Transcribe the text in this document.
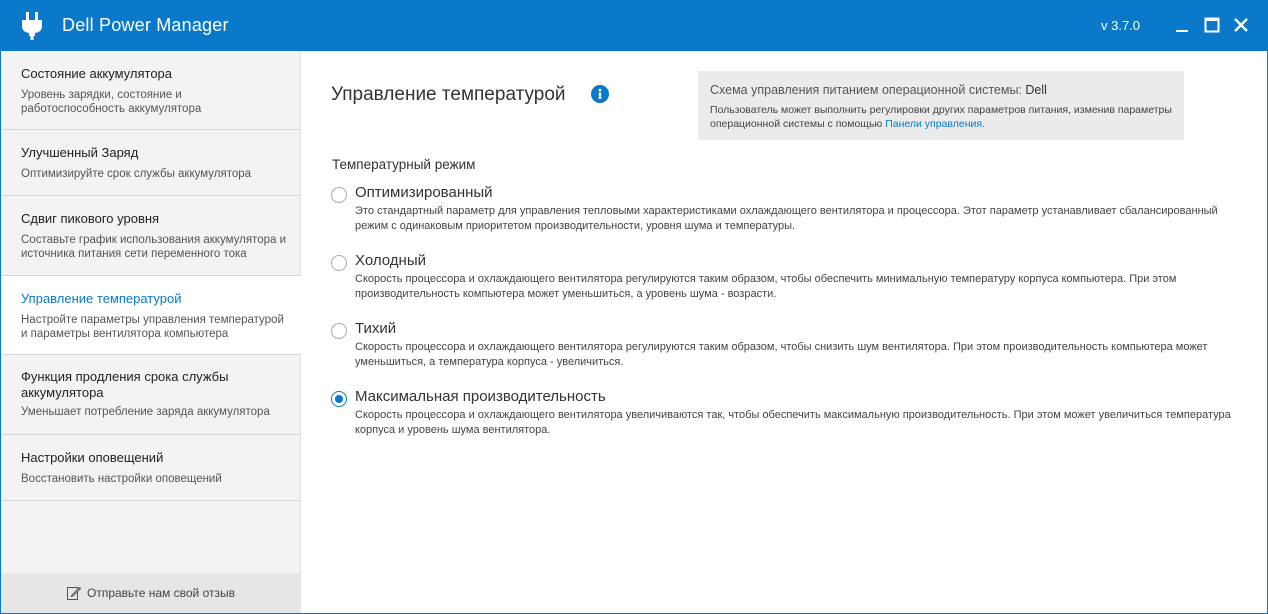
Dell Power Manager	v 3.7.0
Состояние аккумулятора
Уровень зарядки, состояние и работоспособность аккумулятора
Улучшенный Заряд
Оптимизируйте срок службы аккумулятора
Сдвиг пикового уровня
Составьте график использования аккумулятора и источника питания сети переменного тока
Управление температурой
Настройте параметры управления температурой и параметры вентилятора компьютера
Функция продления срока службы аккумулятора
Уменьшает потребление заряда аккумулятора
Настройки оповещений
Восстановить настройки оповещений
Отправьте нам свой отзыв
Управление температурой	Схема управления питанием операционной системы: Dell
Пользователь может выполнить регулировки других параметров питания, изменив параметры операционной системы с помощью Панели управления.
Температурный режим
Оптимизированный
Это стандартный параметр для управления тепловыми характеристиками охлаждающего вентилятора и процессора. Этот параметр устанавливает сбалансированный режим с одинаковым приоритетом производительности, уровня шума и температуры.
Холодный
Скорость процессора и охлаждающего вентилятора регулируются таким образом, чтобы обеспечить минимальную температуру корпуса компьютера. При этом производительность компьютера может уменьшиться, а уровень шума - возрасти.
Тихий
Скорость процессора и охлаждающего вентилятора регулируются таким образом, чтобы снизить шум вентилятора. При этом производительность компьютера может уменьшиться, а температура корпуса - увеличиться.
Максимальная производительность
Скорость процессора и охлаждающего вентилятора увеличиваются так, чтобы обеспечить максимальную производительность. При этом может увеличиться температура корпуса и уровень шума вентилятора.
